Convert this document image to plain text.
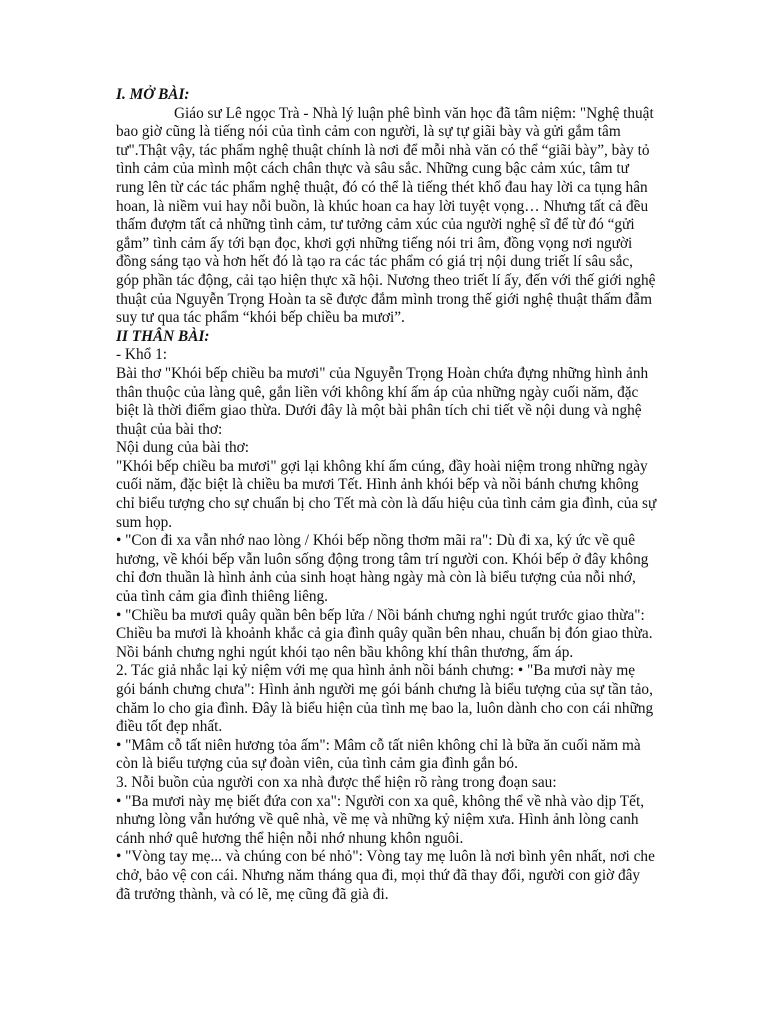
I. MỞ BÀI:

Giáo sư Lê ngọc Trà - Nhà lý luận phê bình văn học đã tâm niệm: "Nghệ thuật bao giờ cũng là tiếng nói của tình cảm con người, là sự tự giãi bày và gửi gắm tâm tư".Thật vậy, tác phẩm nghệ thuật chính là nơi để mỗi nhà văn có thể “giãi bày”, bày tỏ tình cảm của mình một cách chân thực và sâu sắc. Những cung bậc cảm xúc, tâm tư rung lên từ các tác phẩm nghệ thuật, đó có thể là tiếng thét khổ đau hay lời ca tụng hân hoan, là niềm vui hay nỗi buồn, là khúc hoan ca hay lời tuyệt vọng… Nhưng tất cả đều thấm đượm tất cả những tình cảm, tư tưởng cảm xúc của người nghệ sĩ để từ đó “gửi gắm” tình cảm ấy tới bạn đọc, khơi gợi những tiếng nói tri âm, đồng vọng nơi người đồng sáng tạo và hơn hết đó là tạo ra các tác phẩm có giá trị nội dung triết lí sâu sắc, góp phần tác động, cải tạo hiện thực xã hội. Nương theo triết lí ấy, đến với thế giới nghệ thuật của Nguyễn Trọng Hoàn ta sẽ được đắm mình trong thế giới nghệ thuật thấm đẫm suy tư qua tác phẩm “khói bếp chiều ba mươi”.

II THÂN BÀI:

- Khổ 1:

Bài thơ "Khói bếp chiều ba mươi" của Nguyễn Trọng Hoàn chứa đựng những hình ảnh thân thuộc của làng quê, gắn liền với không khí ấm áp của những ngày cuối năm, đặc biệt là thời điểm giao thừa. Dưới đây là một bài phân tích chi tiết về nội dung và nghệ thuật của bài thơ:

Nội dung của bài thơ:

"Khói bếp chiều ba mươi" gợi lại không khí ấm cúng, đầy hoài niệm trong những ngày cuối năm, đặc biệt là chiều ba mươi Tết. Hình ảnh khói bếp và nồi bánh chưng không chỉ biểu tượng cho sự chuẩn bị cho Tết mà còn là dấu hiệu của tình cảm gia đình, của sự sum họp.

• "Con đi xa vẫn nhớ nao lòng / Khói bếp nồng thơm mãi ra": Dù đi xa, ký ức về quê hương, về khói bếp vẫn luôn sống động trong tâm trí người con. Khói bếp ở đây không chỉ đơn thuần là hình ảnh của sinh hoạt hàng ngày mà còn là biểu tượng của nỗi nhớ, của tình cảm gia đình thiêng liêng.

• "Chiều ba mươi quây quần bên bếp lửa / Nồi bánh chưng nghi ngút trước giao thừa": Chiều ba mươi là khoảnh khắc cả gia đình quây quần bên nhau, chuẩn bị đón giao thừa. Nồi bánh chưng nghi ngút khói tạo nên bầu không khí thân thương, ấm áp.

2. Tác giả nhắc lại kỷ niệm với mẹ qua hình ảnh nồi bánh chưng: • "Ba mươi này mẹ gói bánh chưng chưa": Hình ảnh người mẹ gói bánh chưng là biểu tượng của sự tần tảo, chăm lo cho gia đình. Đây là biểu hiện của tình mẹ bao la, luôn dành cho con cái những điều tốt đẹp nhất.

• "Mâm cỗ tất niên hương tỏa ấm": Mâm cỗ tất niên không chỉ là bữa ăn cuối năm mà còn là biểu tượng của sự đoàn viên, của tình cảm gia đình gắn bó.

3. Nỗi buồn của người con xa nhà được thể hiện rõ ràng trong đoạn sau:

• "Ba mươi này mẹ biết đứa con xa": Người con xa quê, không thể về nhà vào dịp Tết, nhưng lòng vẫn hướng về quê nhà, về mẹ và những kỷ niệm xưa. Hình ảnh lòng canh cánh nhớ quê hương thể hiện nỗi nhớ nhung khôn nguôi.

• "Vòng tay mẹ... và chúng con bé nhỏ": Vòng tay mẹ luôn là nơi bình yên nhất, nơi che chở, bảo vệ con cái. Nhưng năm tháng qua đi, mọi thứ đã thay đổi, người con giờ đây đã trưởng thành, và có lẽ, mẹ cũng đã già đi.
